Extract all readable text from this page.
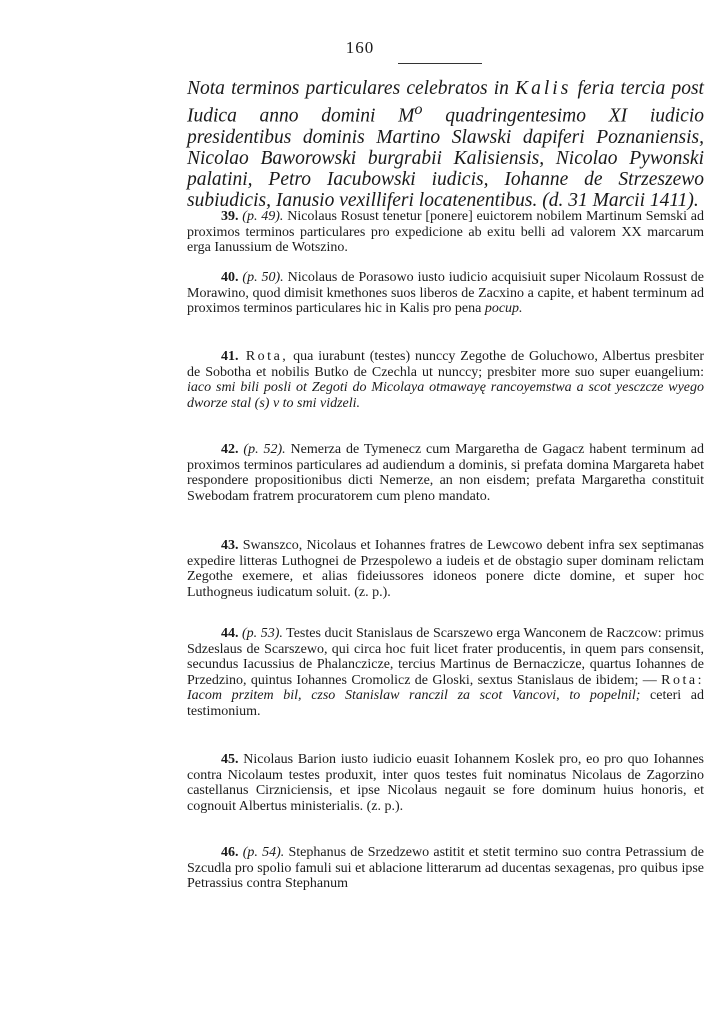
160
Nota terminos particulares celebratos in Kalis feria tercia post Iudica anno domini $M^o$ quadringentesimo XI iudicio presidentibus dominis Martino Slawski dapiferi Poznaniensis, Nicolao Baworowski burgrabii Kalisiensis, Nicolao Pywonski palatini, Petro Iacubowski iudicis, Iohanne de Strzeszewo subiudicis, Ianusio vexilliferi locatenentibus. (d. 31 Marcii 1411).
39. (p. 49). Nicolaus Rosust tenetur [ponere] euictorem nobilem Martinum Semski ad proximos terminos particulares pro expedicione ab exitu belli ad valorem XX marcarum erga Ianussium de Wotszino.
40. (p. 50). Nicolaus de Porasowo iusto iudicio acquisiuit super Nicolaum Rossust de Morawino, quod dimisit kmethones suos liberos de Zacxino a capite, et habent terminum ad proximos terminos particulares hic in Kalis pro pena pocup.
41. Rota, qua iurabunt (testes) nunccy Zegothe de Goluchowo, Albertus presbiter de Sobotha et nobilis Butko de Czechla ut nunccy; presbiter more suo super euangelium: iaco smi bili posli ot Zegoti do Micolaya otmawayę rancoyemstwa a scot yesczcze wyego dworze stal (s) v to smi vidzeli.
42. (p. 52). Nemerza de Tymenecz cum Margaretha de Gagacz habent terminum ad proximos terminos particulares ad audiendum a dominis, si prefata domina Margareta habet respondere propositionibus dicti Nemerze, an non eisdem; prefata Margaretha constituit Swebodam fratrem procuratorem cum pleno mandato.
43. Swanszco, Nicolaus et Iohannes fratres de Lewcowo debent infra sex septimanas expedire litteras Luthognei de Przespolewo a iudeis et de obstagio super dominam relictam Zegothe exemere, et alias fideiussores idoneos ponere dicte domine, et super hoc Luthogneus iudicatum soluit. (z. p.).
44. (p. 53). Testes ducit Stanislaus de Scarszewo erga Wanconem de Raczcow: primus Sdzeslaus de Scarszewo, qui circa hoc fuit licet frater producentis, in quem pars consensit, secundus Iacussius de Phalanczicze, tercius Martinus de Bernaczicze, quartus Iohannes de Przedzino, quintus Iohannes Cromolicz de Gloski, sextus Stanislaus de ibidem; — Rota: Iacom przitem bil, czso Stanislaw ranczil za scot Vancovi, to popelnil; ceteri ad testimonium.
45. Nicolaus Barion iusto iudicio euasit Iohannem Koslek pro, eo pro quo Iohannes contra Nicolaum testes produxit, inter quos testes fuit nominatus Nicolaus de Zagorzino castellanus Cirzniciensis, et ipse Nicolaus negauit se fore dominum huius honoris, et cognouit Albertus ministerialis. (z. p.).
46. (p. 54). Stephanus de Srzedzewo astitit et stetit termino suo contra Petrassium de Szcudla pro spolio famuli sui et ablacione litterarum ad ducentas sexagenas, pro quibus ipse Petrassius contra Stephanum
